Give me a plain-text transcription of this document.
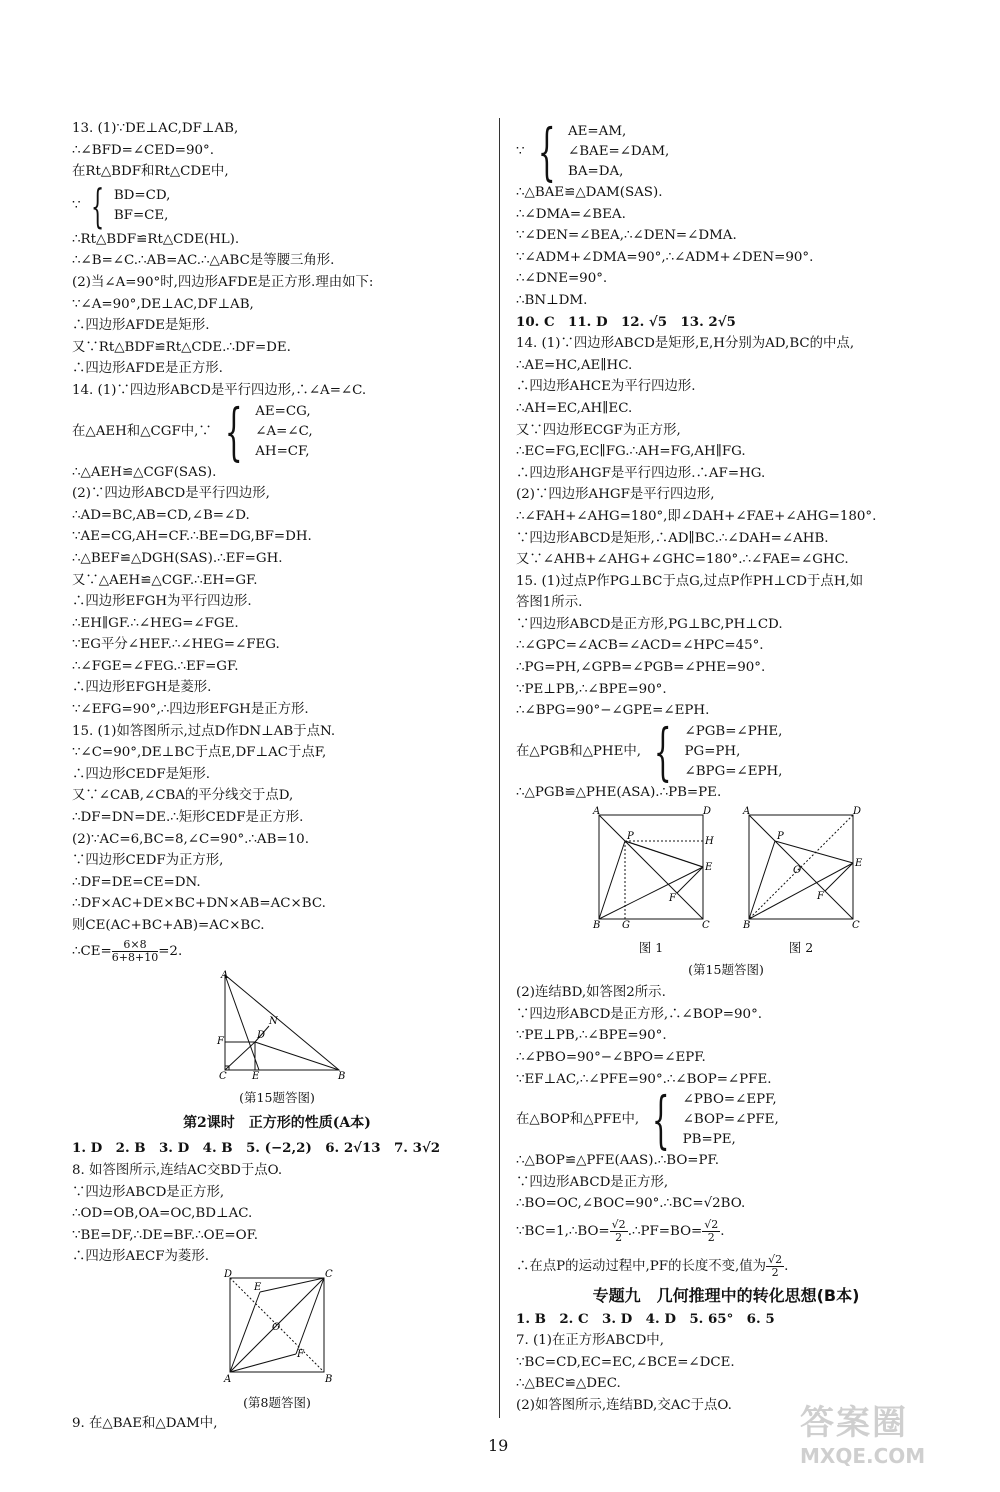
13. (1)∵DE⊥AC,DF⊥AB,
∴∠BFD=∠CED=90°.
在Rt△BDF和Rt△CDE中,
∵ { BD=CD,
BF=CE,
∴Rt△BDF≌Rt△CDE(HL).
∴∠B=∠C.∴AB=AC.∴△ABC是等腰三角形.
(2)当∠A=90°时,四边形AFDE是正方形.理由如下:
∵∠A=90°,DE⊥AC,DF⊥AB,
∴四边形AFDE是矩形.
又∵Rt△BDF≌Rt△CDE.∴DF=DE.
∴四边形AFDE是正方形.
14. (1)∵四边形ABCD是平行四边形,∴∠A=∠C.
在△AEH和△CGF中,∵ { AE=CG,
∠A=∠C,
AH=CF,
∴△AEH≌△CGF(SAS).
(2)∵四边形ABCD是平行四边形,
∴AD=BC,AB=CD,∠B=∠D.
∵AE=CG,AH=CF.∴BE=DG,BF=DH.
∴△BEF≌△DGH(SAS).∴EF=GH.
又∵△AEH≌△CGF.∴EH=GF.
∴四边形EFGH为平行四边形.
∴EH∥GF.∴∠HEG=∠FGE.
∵EG平分∠HEF.∴∠HEG=∠FEG.
∴∠FGE=∠FEG.∴EF=GF.
∴四边形EFGH是菱形.
∵∠EFG=90°,∴四边形EFGH是正方形.
15. (1)如答图所示,过点D作DN⊥AB于点N.
∵∠C=90°,DE⊥BC于点E,DF⊥AC于点F,
∴四边形CEDF是矩形.
又∵∠CAB,∠CBA的平分线交于点D,
∴DF=DN=DE.∴矩形CEDF是正方形.
(2)∵AC=6,BC=8,∠C=90°.∴AB=10.
∵四边形CEDF为正方形,
∴DF=DE=CE=DN.
∴DF×AC+DE×BC+DN×AB=AC×BC.
则CE(AC+BC+AB)=AC×BC.
∴CE= $\frac{6\times 8}{6+8+10}=2$.
A
F
D
N
C	E	B
(第15题答图)
第2课时　正方形的性质(A本)
1. D　2. B　3. D　4. B　5. (−2,2)　6. 2√13　7. 3√2
8. 如答图所示,连结AC交BD于点O.
∵四边形ABCD是正方形,
∴OD=OB,OA=OC,BD⊥AC.
∵BE=DF,∴DE=BF.∴OE=OF.
∴四边形AECF为菱形.
D	C
E
O
F
A	B
(第8题答图)
9. 在△BAE和△DAM中,
∵ { AE=AM,
∠BAE=∠DAM,
BA=DA,
∴△BAE≌△DAM(SAS).
∴∠DMA=∠BEA.
∵∠DEN=∠BEA,∴∠DEN=∠DMA.
∵∠ADM+∠DMA=90°,∴∠ADM+∠DEN=90°.
∴∠DNE=90°.
∴BN⊥DM.
10. C　11. D　12. √5　13. 2√5
14. (1)∵四边形ABCD是矩形,E,H分别为AD,BC的中点,
∴AE=HC,AE∥HC.
∴四边形AHCE为平行四边形.
∴AH=EC,AH∥EC.
又∵四边形ECGF为正方形,
∴EC=FG,EC∥FG.∴AH=FG,AH∥FG.
∴四边形AHGF是平行四边形.∴AF=HG.
(2)∵四边形AHGF是平行四边形,
∴∠FAH+∠AHG=180°,即∠DAH+∠FAE+∠AHG=180°.
∵四边形ABCD是矩形,∴AD∥BC.∴∠DAH=∠AHB.
又∵∠AHB+∠AHG+∠GHC=180°.∴∠FAE=∠GHC.
15. (1)过点P作PG⊥BC于点G,过点P作PH⊥CD于点H,如
答图1所示.
∵四边形ABCD是正方形,PG⊥BC,PH⊥CD.
∴∠GPC=∠ACB=∠ACD=∠HPC=45°.
∴PG=PH,∠GPB=∠PGB=∠PHE=90°.
∵PE⊥PB,∴∠BPE=90°.
∴∠BPG=90°−∠GPE=∠EPH.
在△PGB和△PHE中, { ∠PGB=∠PHE,
PG=PH,
∠BPG=∠EPH,
∴△PGB≌△PHE(ASA).∴PB=PE.
A	D
P	H
E
F
B G	C
图 1
A	D
P
O
E
F
B	C
图 2
(第15题答图)
(2)连结BD,如答图2所示.
∵四边形ABCD是正方形,∴∠BOP=90°.
∵PE⊥PB,∴∠BPE=90°.
∴∠PBO=90°−∠BPO=∠EPF.
∵EF⊥AC,∴∠PFE=90°.∴∠BOP=∠PFE.
在△BOP和△PFE中, { ∠PBO=∠EPF,
∠BOP=∠PFE,
PB=PE,
∴△BOP≌△PFE(AAS).∴BO=PF.
∵四边形ABCD是正方形,
∴BO=OC,∠BOC=90°.∴BC=√2BO.
∵BC=1,∴BO= $\frac{√2}{2}.\therefore PF=BO= \frac{√2}{2}$.
∴在点P的运动过程中,PF的长度不变,值为 $\frac{√2}{2}$.
专题九　几何推理中的转化思想(B本)
1. B　2. C　3. D　4. D　5. 65°　6. 5
7. (1)在正方形ABCD中,
∵BC=CD,EC=EC,∠BCE=∠DCE.
∴△BEC≌△DEC.
(2)如答图所示,连结BD,交AC于点O.
19
答案圈
MXQE.COM
